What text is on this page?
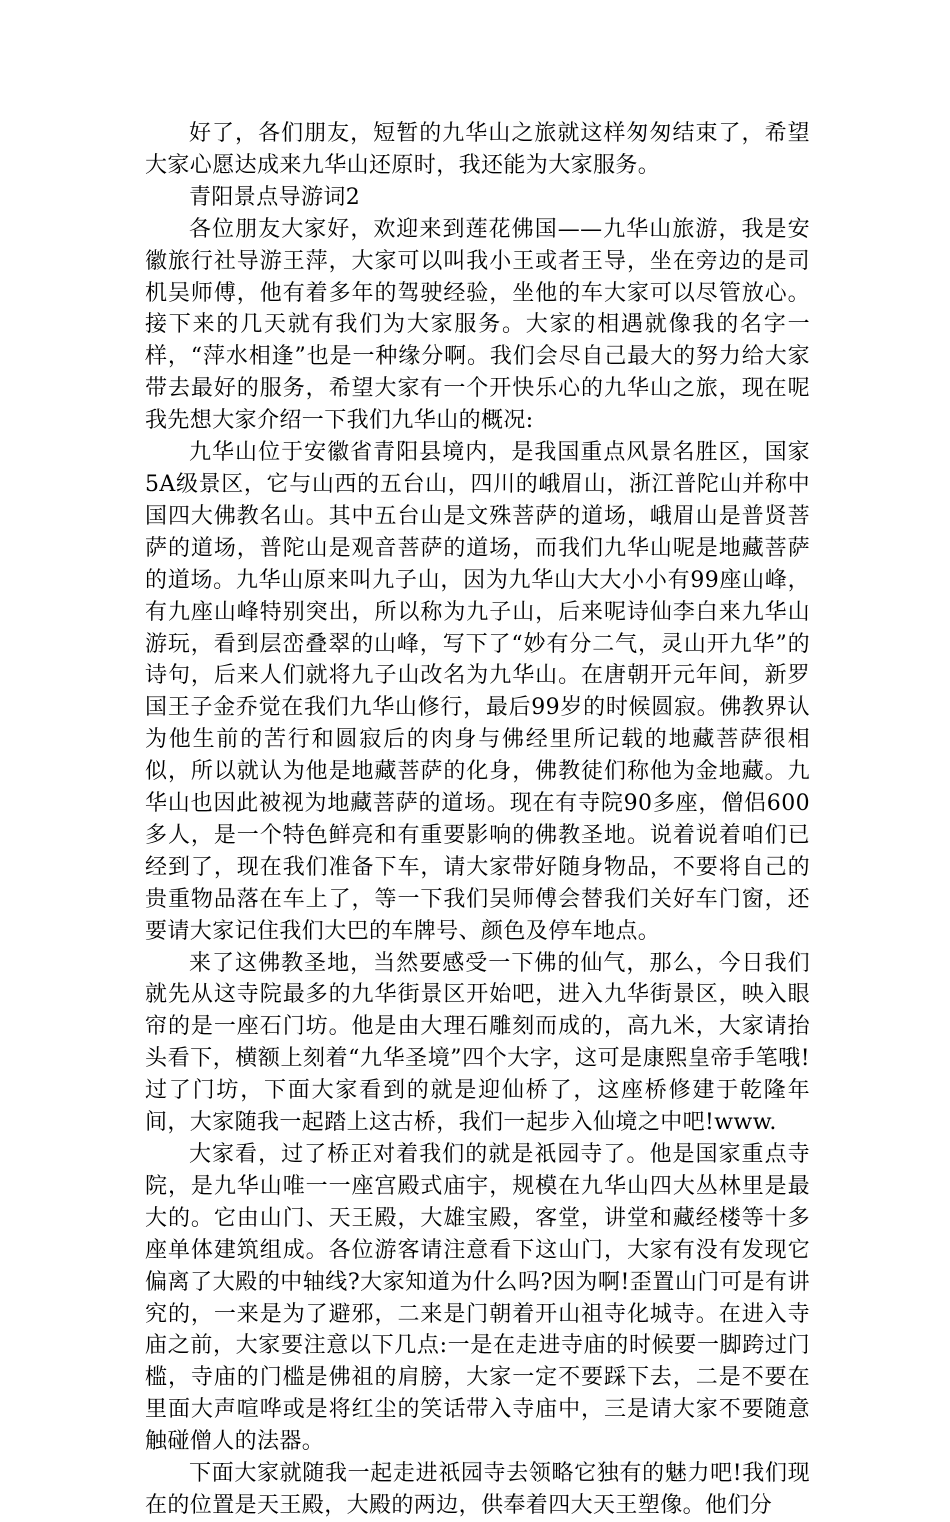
好了，各们朋友，短暂的九华山之旅就这样匆匆结束了，希望大家心愿达成来九华山还原时，我还能为大家服务。

青阳景点导游词2

各位朋友大家好，欢迎来到莲花佛国——九华山旅游，我是安徽旅行社导游王萍，大家可以叫我小王或者王导，坐在旁边的是司机吴师傅，他有着多年的驾驶经验，坐他的车大家可以尽管放心。接下来的几天就有我们为大家服务。大家的相遇就像我的名字一样，“萍水相逢”也是一种缘分啊。我们会尽自己最大的努力给大家带去最好的服务，希望大家有一个开快乐心的九华山之旅，现在呢我先想大家介绍一下我们九华山的概况:

九华山位于安徽省青阳县境内，是我国重点风景名胜区，国家5A级景区，它与山西的五台山，四川的峨眉山，浙江普陀山并称中国四大佛教名山。其中五台山是文殊菩萨的道场，峨眉山是普贤菩萨的道场，普陀山是观音菩萨的道场，而我们九华山呢是地藏菩萨的道场。九华山原来叫九子山，因为九华山大大小小有99座山峰，有九座山峰特别突出，所以称为九子山，后来呢诗仙李白来九华山游玩，看到层峦叠翠的山峰，写下了“妙有分二气，灵山开九华”的诗句，后来人们就将九子山改名为九华山。在唐朝开元年间，新罗国王子金乔觉在我们九华山修行，最后99岁的时候圆寂。佛教界认为他生前的苦行和圆寂后的肉身与佛经里所记载的地藏菩萨很相似，所以就认为他是地藏菩萨的化身，佛教徒们称他为金地藏。九华山也因此被视为地藏菩萨的道场。现在有寺院90多座，僧侣600多人，是一个特色鲜亮和有重要影响的佛教圣地。说着说着咱们已经到了，现在我们准备下车，请大家带好随身物品，不要将自己的贵重物品落在车上了，等一下我们吴师傅会替我们关好车门窗，还要请大家记住我们大巴的车牌号、颜色及停车地点。

来了这佛教圣地，当然要感受一下佛的仙气，那么，今日我们就先从这寺院最多的九华街景区开始吧，进入九华街景区，映入眼帘的是一座石门坊。他是由大理石雕刻而成的，高九米，大家请抬头看下，横额上刻着“九华圣境”四个大字，这可是康熙皇帝手笔哦!过了门坊，下面大家看到的就是迎仙桥了，这座桥修建于乾隆年间，大家随我一起踏上这古桥，我们一起步入仙境之中吧!www.

大家看，过了桥正对着我们的就是祇园寺了。他是国家重点寺院，是九华山唯一一座宫殿式庙宇，规模在九华山四大丛林里是最大的。它由山门、天王殿，大雄宝殿，客堂，讲堂和藏经楼等十多座单体建筑组成。各位游客请注意看下这山门，大家有没有发现它偏离了大殿的中轴线?大家知道为什么吗?因为啊!歪置山门可是有讲究的，一来是为了避邪，二来是门朝着开山祖寺化城寺。在进入寺庙之前，大家要注意以下几点:一是在走进寺庙的时候要一脚跨过门槛，寺庙的门槛是佛祖的肩膀，大家一定不要踩下去，二是不要在里面大声喧哗或是将红尘的笑话带入寺庙中，三是请大家不要随意触碰僧人的法器。

下面大家就随我一起走进祇园寺去领略它独有的魅力吧!我们现在的位置是天王殿，大殿的两边，供奉着四大天王塑像。他们分
